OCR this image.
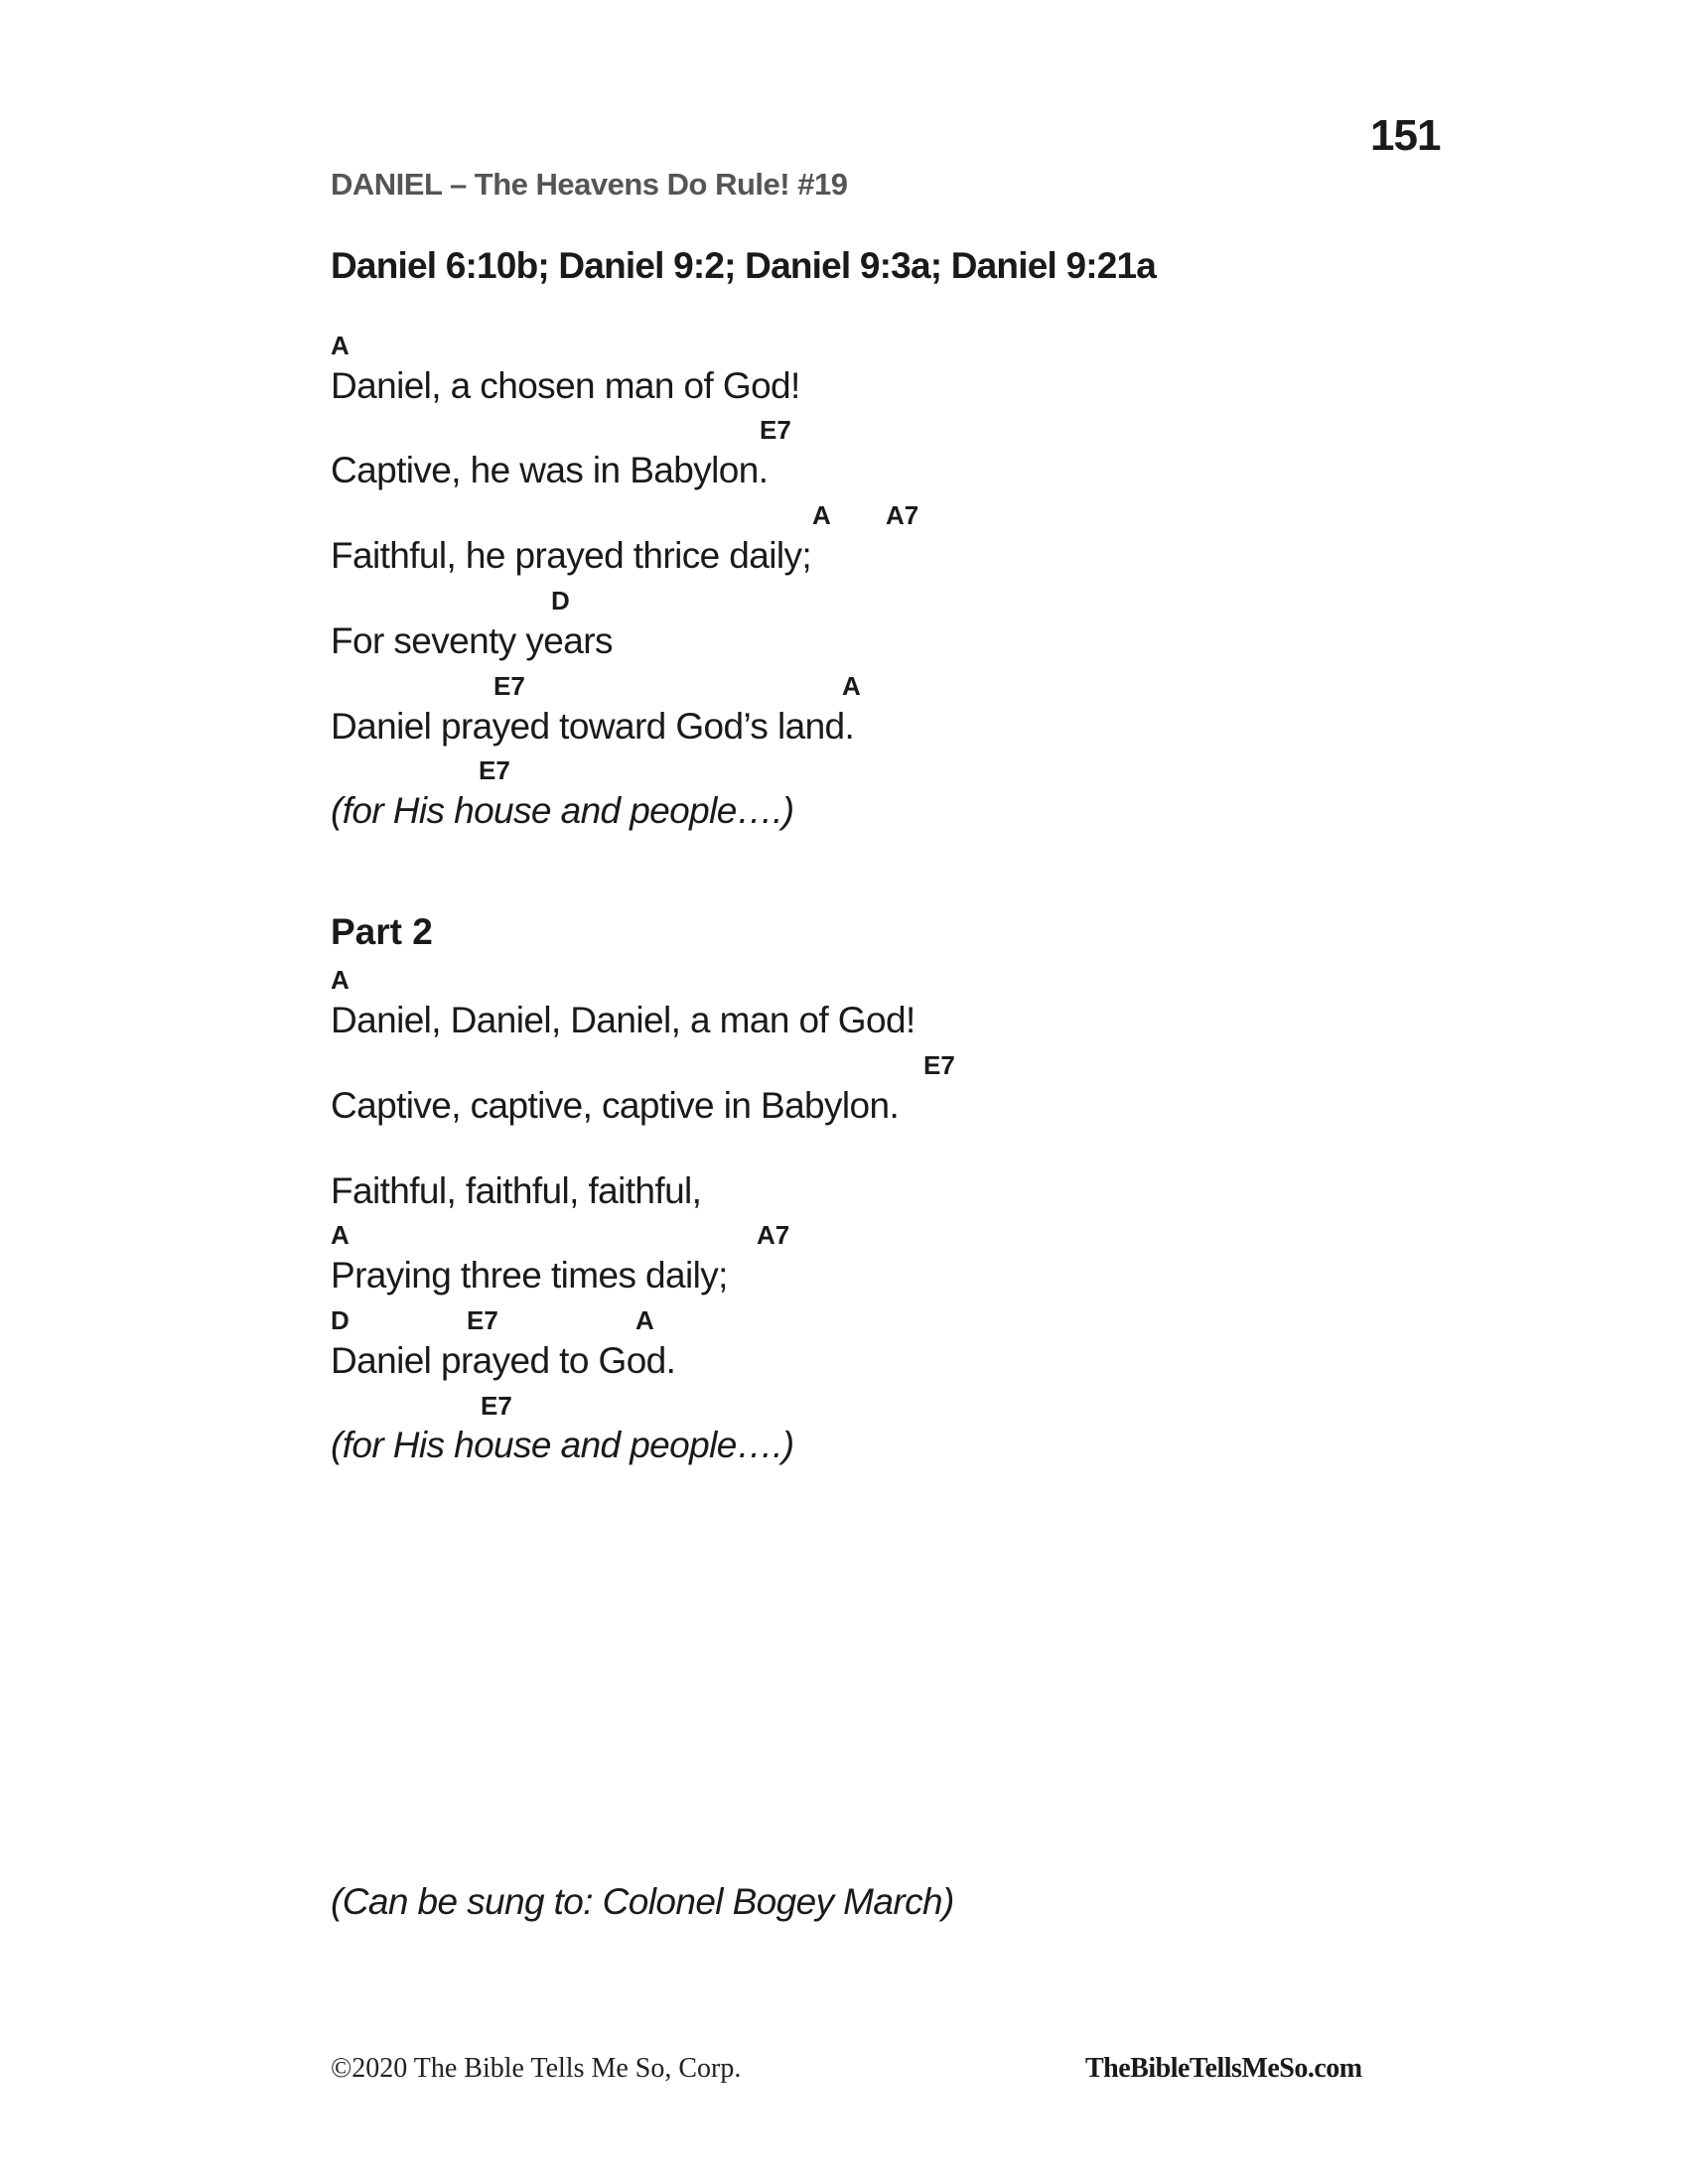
151
DANIEL – The Heavens Do Rule! #19
Daniel 6:10b; Daniel 9:2; Daniel 9:3a; Daniel 9:21a
A
Daniel, a chosen man of God!
E7
Captive, he was in Babylon.
A A7
Faithful, he prayed thrice daily;
D
For seventy years
E7	A
Daniel prayed toward God’s land.
E7
(for His house and people….)
Part 2
A
Daniel, Daniel, Daniel, a man of God!
E7
Captive, captive, captive in Babylon.
Faithful, faithful, faithful,
A	A7
Praying three times daily;
D	E7	A
Daniel prayed to God.
E7
(for His house and people….)
(Can be sung to: Colonel Bogey March)
©2020 The Bible Tells Me So, Corp.	TheBibleTellsMeSo.com
